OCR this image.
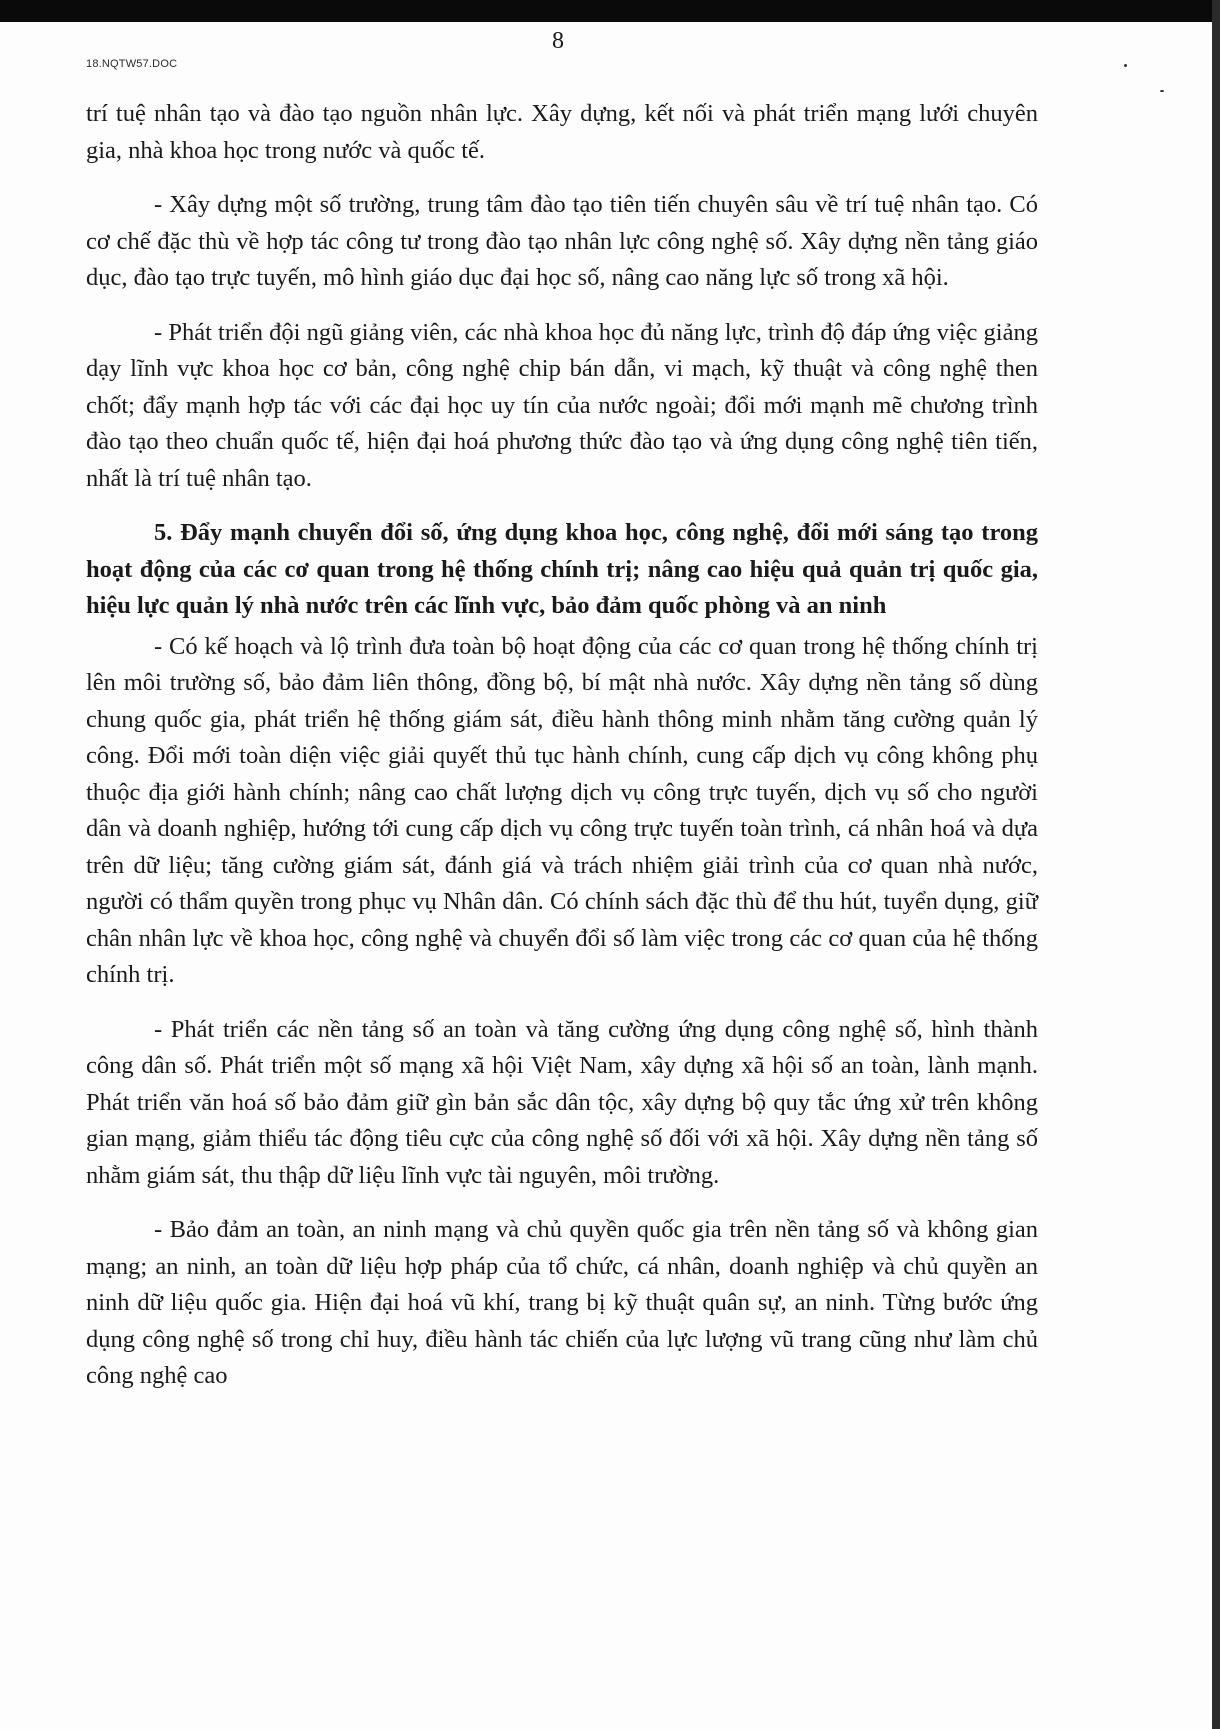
18.NQTW57.DOC
8

trí tuệ nhân tạo và đào tạo nguồn nhân lực. Xây dựng, kết nối và phát triển mạng lưới chuyên gia, nhà khoa học trong nước và quốc tế.

- Xây dựng một số trường, trung tâm đào tạo tiên tiến chuyên sâu về trí tuệ nhân tạo. Có cơ chế đặc thù về hợp tác công tư trong đào tạo nhân lực công nghệ số. Xây dựng nền tảng giáo dục, đào tạo trực tuyến, mô hình giáo dục đại học số, nâng cao năng lực số trong xã hội.

- Phát triển đội ngũ giảng viên, các nhà khoa học đủ năng lực, trình độ đáp ứng việc giảng dạy lĩnh vực khoa học cơ bản, công nghệ chip bán dẫn, vi mạch, kỹ thuật và công nghệ then chốt; đẩy mạnh hợp tác với các đại học uy tín của nước ngoài; đổi mới mạnh mẽ chương trình đào tạo theo chuẩn quốc tế, hiện đại hoá phương thức đào tạo và ứng dụng công nghệ tiên tiến, nhất là trí tuệ nhân tạo.

5. Đẩy mạnh chuyển đổi số, ứng dụng khoa học, công nghệ, đổi mới sáng tạo trong hoạt động của các cơ quan trong hệ thống chính trị; nâng cao hiệu quả quản trị quốc gia, hiệu lực quản lý nhà nước trên các lĩnh vực, bảo đảm quốc phòng và an ninh

- Có kế hoạch và lộ trình đưa toàn bộ hoạt động của các cơ quan trong hệ thống chính trị lên môi trường số, bảo đảm liên thông, đồng bộ, bí mật nhà nước. Xây dựng nền tảng số dùng chung quốc gia, phát triển hệ thống giám sát, điều hành thông minh nhằm tăng cường quản lý công. Đổi mới toàn diện việc giải quyết thủ tục hành chính, cung cấp dịch vụ công không phụ thuộc địa giới hành chính; nâng cao chất lượng dịch vụ công trực tuyến, dịch vụ số cho người dân và doanh nghiệp, hướng tới cung cấp dịch vụ công trực tuyến toàn trình, cá nhân hoá và dựa trên dữ liệu; tăng cường giám sát, đánh giá và trách nhiệm giải trình của cơ quan nhà nước, người có thẩm quyền trong phục vụ Nhân dân. Có chính sách đặc thù để thu hút, tuyển dụng, giữ chân nhân lực về khoa học, công nghệ và chuyển đổi số làm việc trong các cơ quan của hệ thống chính trị.

- Phát triển các nền tảng số an toàn và tăng cường ứng dụng công nghệ số, hình thành công dân số. Phát triển một số mạng xã hội Việt Nam, xây dựng xã hội số an toàn, lành mạnh. Phát triển văn hoá số bảo đảm giữ gìn bản sắc dân tộc, xây dựng bộ quy tắc ứng xử trên không gian mạng, giảm thiểu tác động tiêu cực của công nghệ số đối với xã hội. Xây dựng nền tảng số nhằm giám sát, thu thập dữ liệu lĩnh vực tài nguyên, môi trường.

- Bảo đảm an toàn, an ninh mạng và chủ quyền quốc gia trên nền tảng số và không gian mạng; an ninh, an toàn dữ liệu hợp pháp của tổ chức, cá nhân, doanh nghiệp và chủ quyền an ninh dữ liệu quốc gia. Hiện đại hoá vũ khí, trang bị kỹ thuật quân sự, an ninh. Từng bước ứng dụng công nghệ số trong chỉ huy, điều hành tác chiến của lực lượng vũ trang cũng như làm chủ công nghệ cao
